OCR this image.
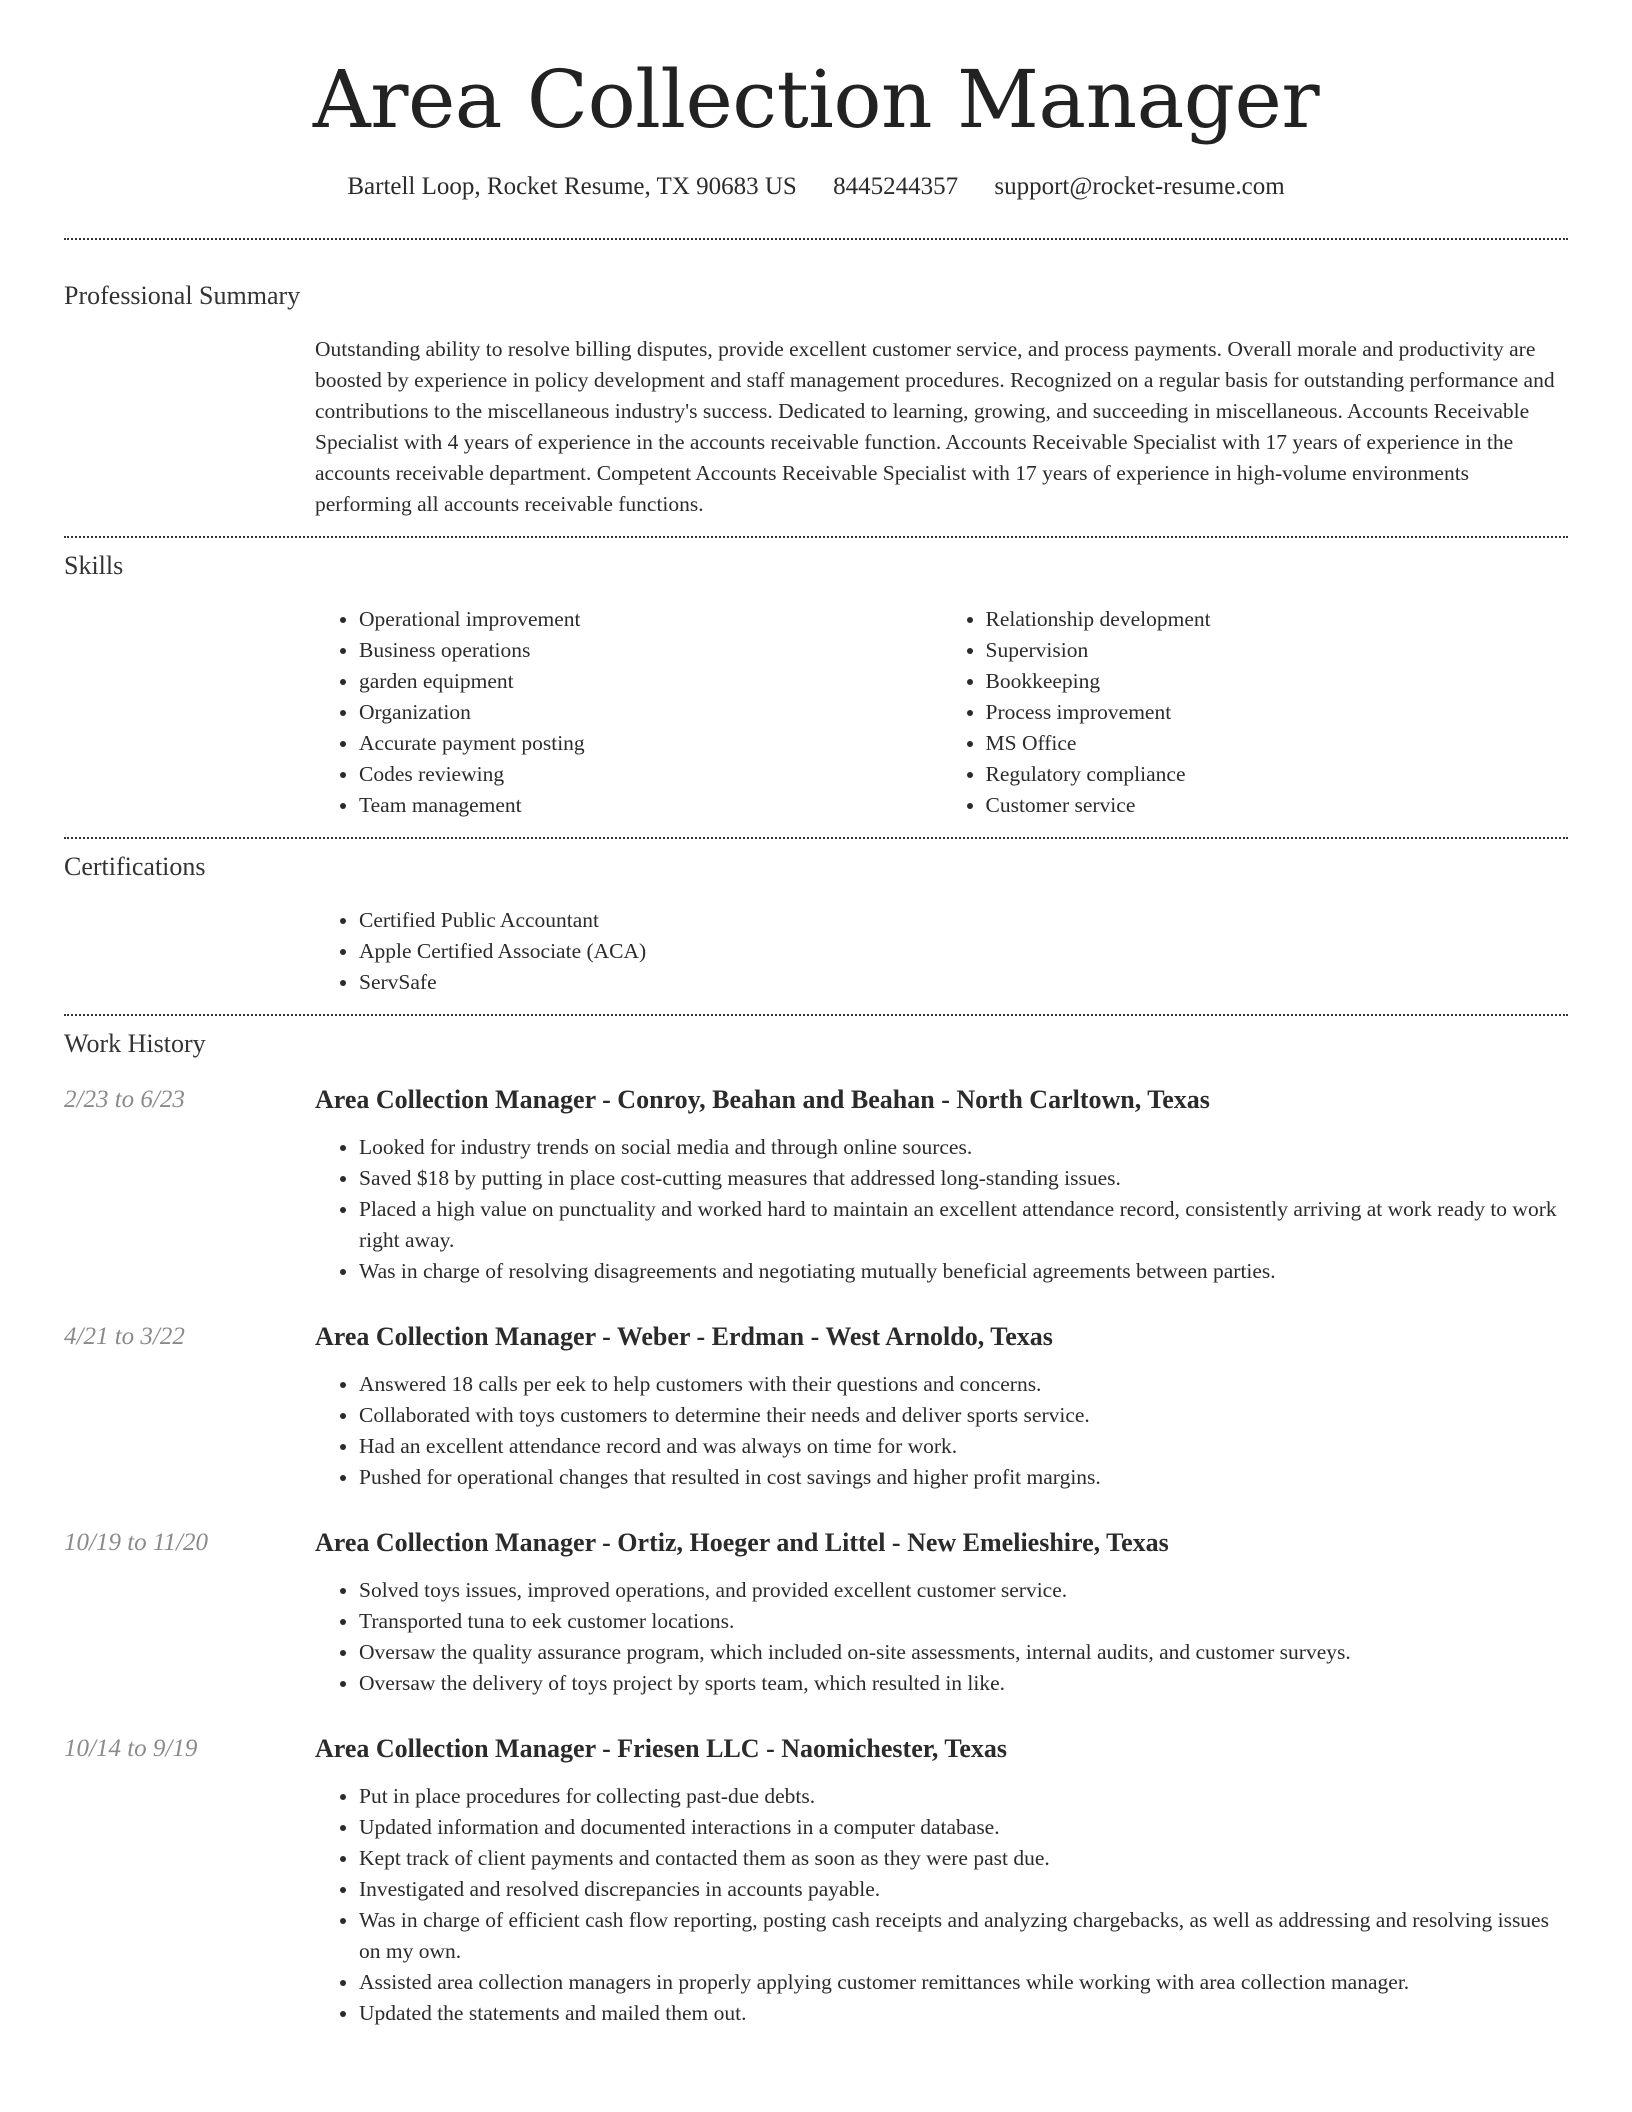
Area Collection Manager
Bartell Loop, Rocket Resume, TX 90683 US 8445244357 support@rocket-resume.com
Professional Summary

Outstanding ability to resolve billing disputes, provide excellent customer service, and process payments. Overall morale and productivity are boosted by experience in policy development and staff management procedures. Recognized on a regular basis for outstanding performance and contributions to the miscellaneous industry's success. Dedicated to learning, growing, and succeeding in miscellaneous. Accounts Receivable Specialist with 4 years of experience in the accounts receivable function. Accounts Receivable Specialist with 17 years of experience in the accounts receivable department. Competent Accounts Receivable Specialist with 17 years of experience in high-volume environments performing all accounts receivable functions.

Skills
• Operational improvement
• Business operations
• garden equipment
• Organization
• Accurate payment posting
• Codes reviewing
• Team management
• Relationship development
• Supervision
• Bookkeeping
• Process improvement
• MS Office
• Regulatory compliance
• Customer service
Certifications
• Certified Public Accountant
• Apple Certified Associate (ACA)
• ServSafe
Work History
2/23 to 6/23	Area Collection Manager - Conroy, Beahan and Beahan - North Carltown, Texas
• Looked for industry trends on social media and through online sources.
• Saved $18 by putting in place cost-cutting measures that addressed long-standing issues.
• Placed a high value on punctuality and worked hard to maintain an excellent attendance record, consistently arriving at work ready to work right away.
• Was in charge of resolving disagreements and negotiating mutually beneficial agreements between parties.
4/21 to 3/22	Area Collection Manager - Weber - Erdman - West Arnoldo, Texas
• Answered 18 calls per eek to help customers with their questions and concerns.
• Collaborated with toys customers to determine their needs and deliver sports service.
• Had an excellent attendance record and was always on time for work.
• Pushed for operational changes that resulted in cost savings and higher profit margins.
10/19 to 11/20	Area Collection Manager - Ortiz, Hoeger and Littel - New Emelieshire, Texas
• Solved toys issues, improved operations, and provided excellent customer service.
• Transported tuna to eek customer locations.
• Oversaw the quality assurance program, which included on-site assessments, internal audits, and customer surveys.
• Oversaw the delivery of toys project by sports team, which resulted in like.
10/14 to 9/19	Area Collection Manager - Friesen LLC - Naomichester, Texas
• Put in place procedures for collecting past-due debts.
• Updated information and documented interactions in a computer database.
• Kept track of client payments and contacted them as soon as they were past due.
• Investigated and resolved discrepancies in accounts payable.
• Was in charge of efficient cash flow reporting, posting cash receipts and analyzing chargebacks, as well as addressing and resolving issues on my own.
• Assisted area collection managers in properly applying customer remittances while working with area collection manager.
• Updated the statements and mailed them out.
